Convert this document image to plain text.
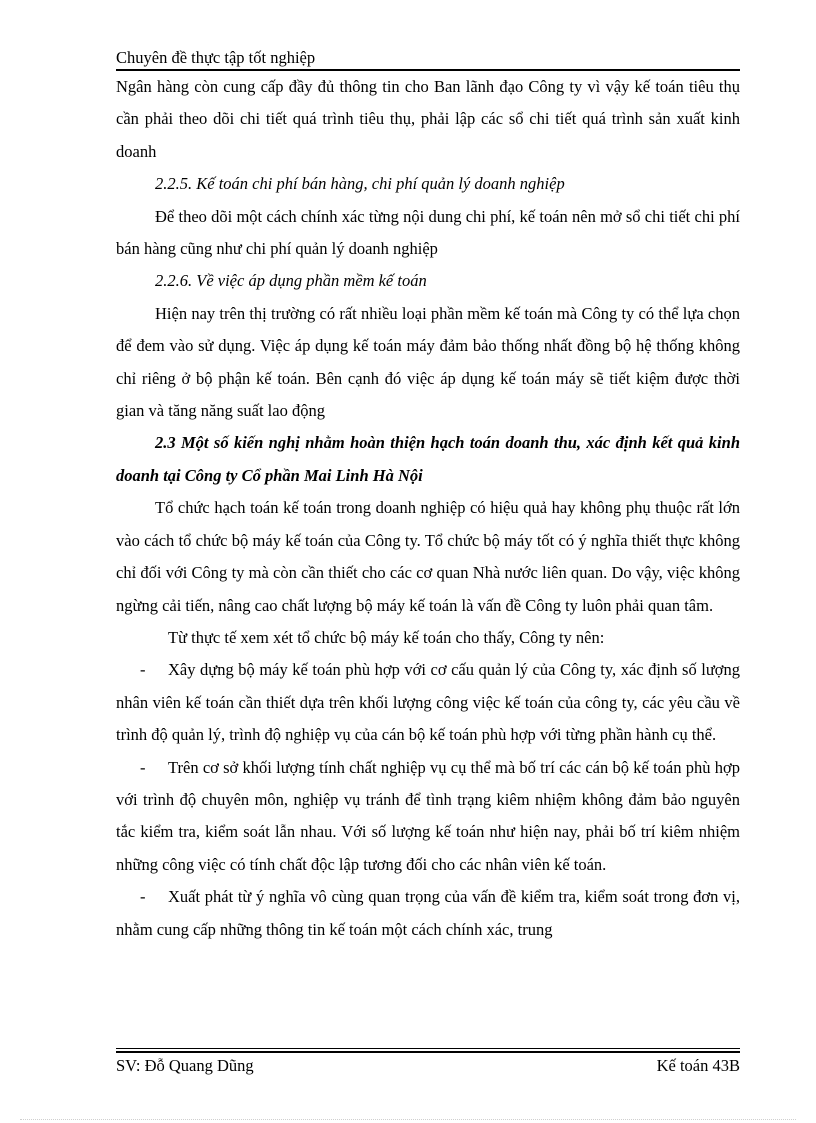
Chuyên đề thực tập tốt nghiệp

Ngân hàng còn cung cấp đầy đủ thông tin cho Ban lãnh đạo Công ty vì vậy kế toán tiêu thụ cần phải theo dõi chi tiết quá trình tiêu thụ, phải lập các sổ chi tiết quá trình sản xuất kinh doanh

2.2.5. Kế toán chi phí bán hàng, chi phí quản lý doanh nghiệp

Để theo dõi một cách chính xác từng nội dung chi phí, kế toán nên mở sổ chi tiết chi phí bán hàng cũng như chi phí quản lý doanh nghiệp

2.2.6. Về việc áp dụng phần mềm kế toán

Hiện nay trên thị trường có rất nhiều loại phần mềm kế toán mà Công ty có thể lựa chọn để đem vào sử dụng. Việc áp dụng kế toán máy đảm bảo thống nhất đồng bộ hệ thống không chỉ riêng ở bộ phận kế toán. Bên cạnh đó việc áp dụng kế toán máy sẽ tiết kiệm được thời gian và tăng năng suất lao động

2.3 Một số kiến nghị nhằm hoàn thiện hạch toán doanh thu, xác định kết quả kinh doanh tại Công ty Cổ phần Mai Linh Hà Nội

Tổ chức hạch toán kế toán trong doanh nghiệp có hiệu quả hay không phụ thuộc rất lớn vào cách tổ chức bộ máy kế toán của Công ty. Tổ chức bộ máy tốt có ý nghĩa thiết thực không chỉ đối với Công ty mà còn cần thiết cho các cơ quan Nhà nước liên quan. Do vậy, việc không ngừng cải tiến, nâng cao chất lượng bộ máy kế toán là vấn đề Công ty luôn phải quan tâm.

Từ thực tế xem xét tổ chức bộ máy kế toán cho thấy, Công ty nên:

- Xây dựng bộ máy kế toán phù hợp với cơ cấu quản lý của Công ty, xác định số lượng nhân viên kế toán cần thiết dựa trên khối lượng công việc kế toán của công ty, các yêu cầu về trình độ quản lý, trình độ nghiệp vụ của cán bộ kế toán phù hợp với từng phần hành cụ thể.

- Trên cơ sở khối lượng tính chất nghiệp vụ cụ thể mà bố trí các cán bộ kế toán phù hợp với trình độ chuyên môn, nghiệp vụ tránh để tình trạng kiêm nhiệm không đảm bảo nguyên tắc kiểm tra, kiểm soát lẫn nhau. Với số lượng kế toán như hiện nay, phải bố trí kiêm nhiệm những công việc có tính chất độc lập tương đối cho các nhân viên kế toán.

- Xuất phát từ ý nghĩa vô cùng quan trọng của vấn đề kiểm tra, kiểm soát trong đơn vị, nhằm cung cấp những thông tin kế toán một cách chính xác, trung

SV: Đỗ Quang Dũng	Kế toán 43B
